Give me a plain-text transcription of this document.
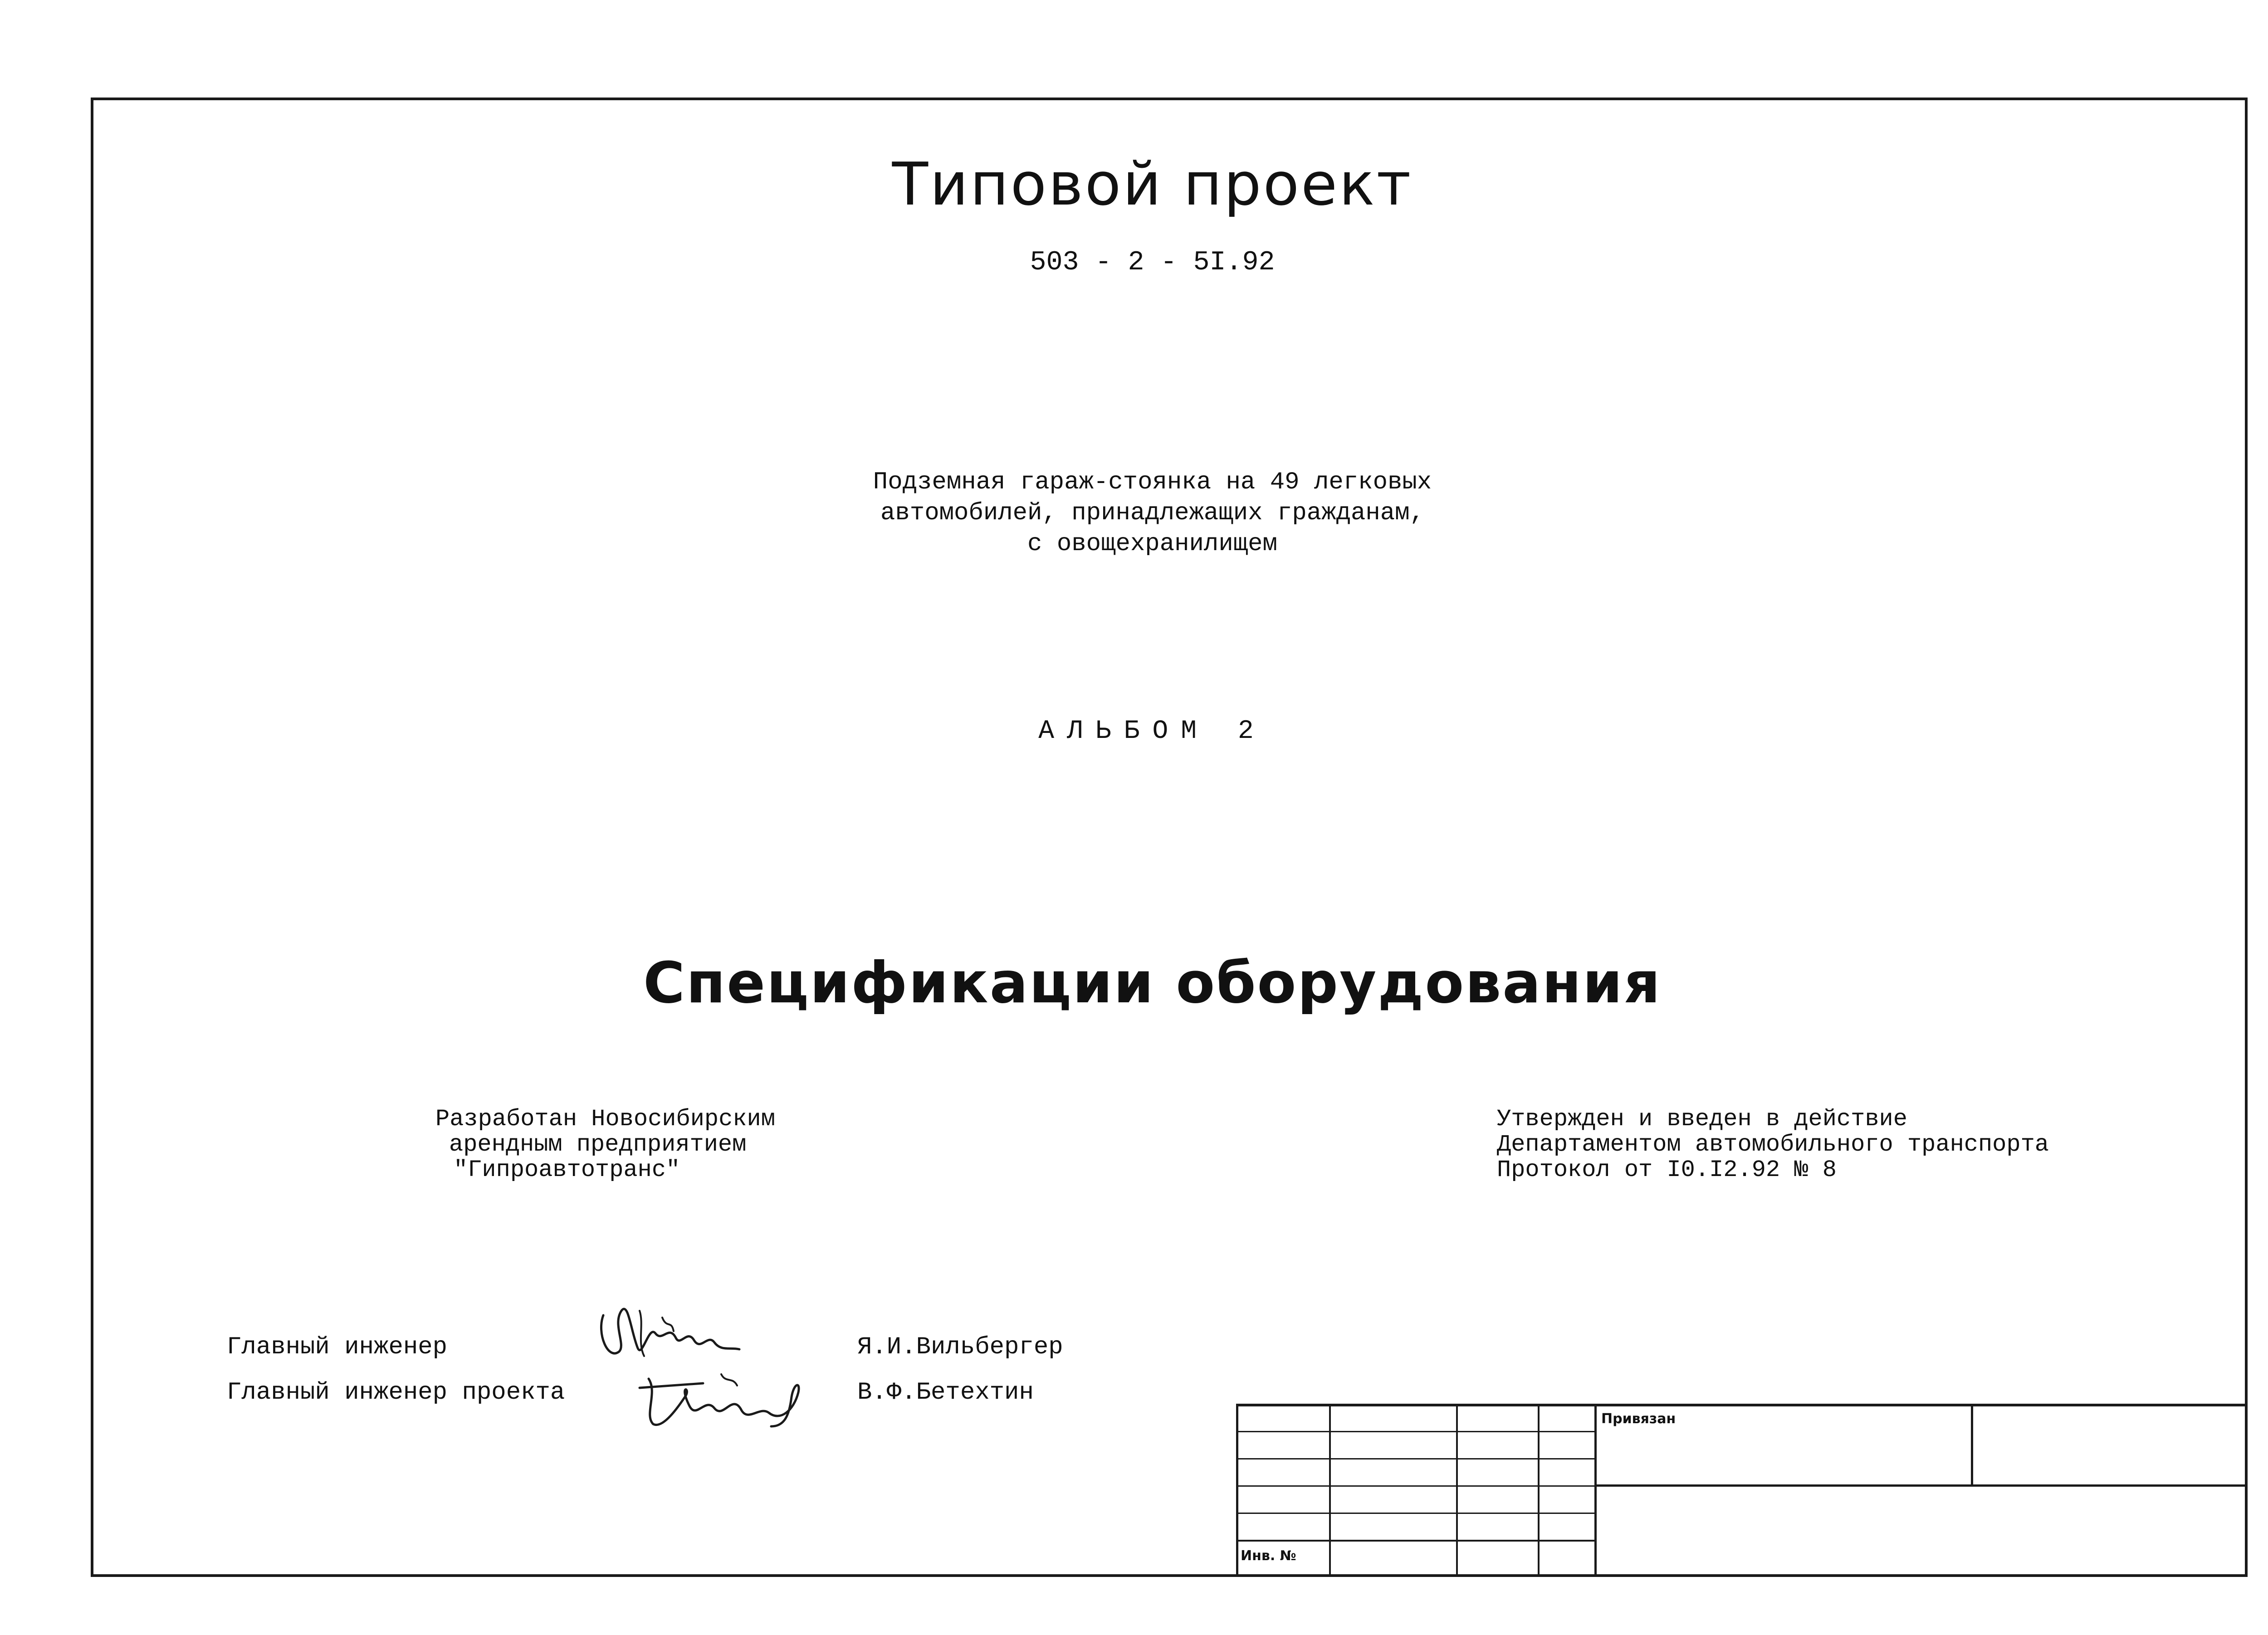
Типовой проект
503 - 2 - 5I.92
Подземная гараж-стоянка на 49 легковых
автомобилей, принадлежащих гражданам,
с овощехранилищем
АЛЬБОМ 2
Спецификации оборудования
Разработан Новосибирским
арендным предприятием
"Гипроавтотранс"
Утвержден и введен в действие
Департаментом автомобильного транспорта
Протокол от I0.I2.92 № 8
Главный инженер	Я.И.Вильбергер
Главный инженер проекта	В.Ф.Бетехтин
Привязан
Инв. №
